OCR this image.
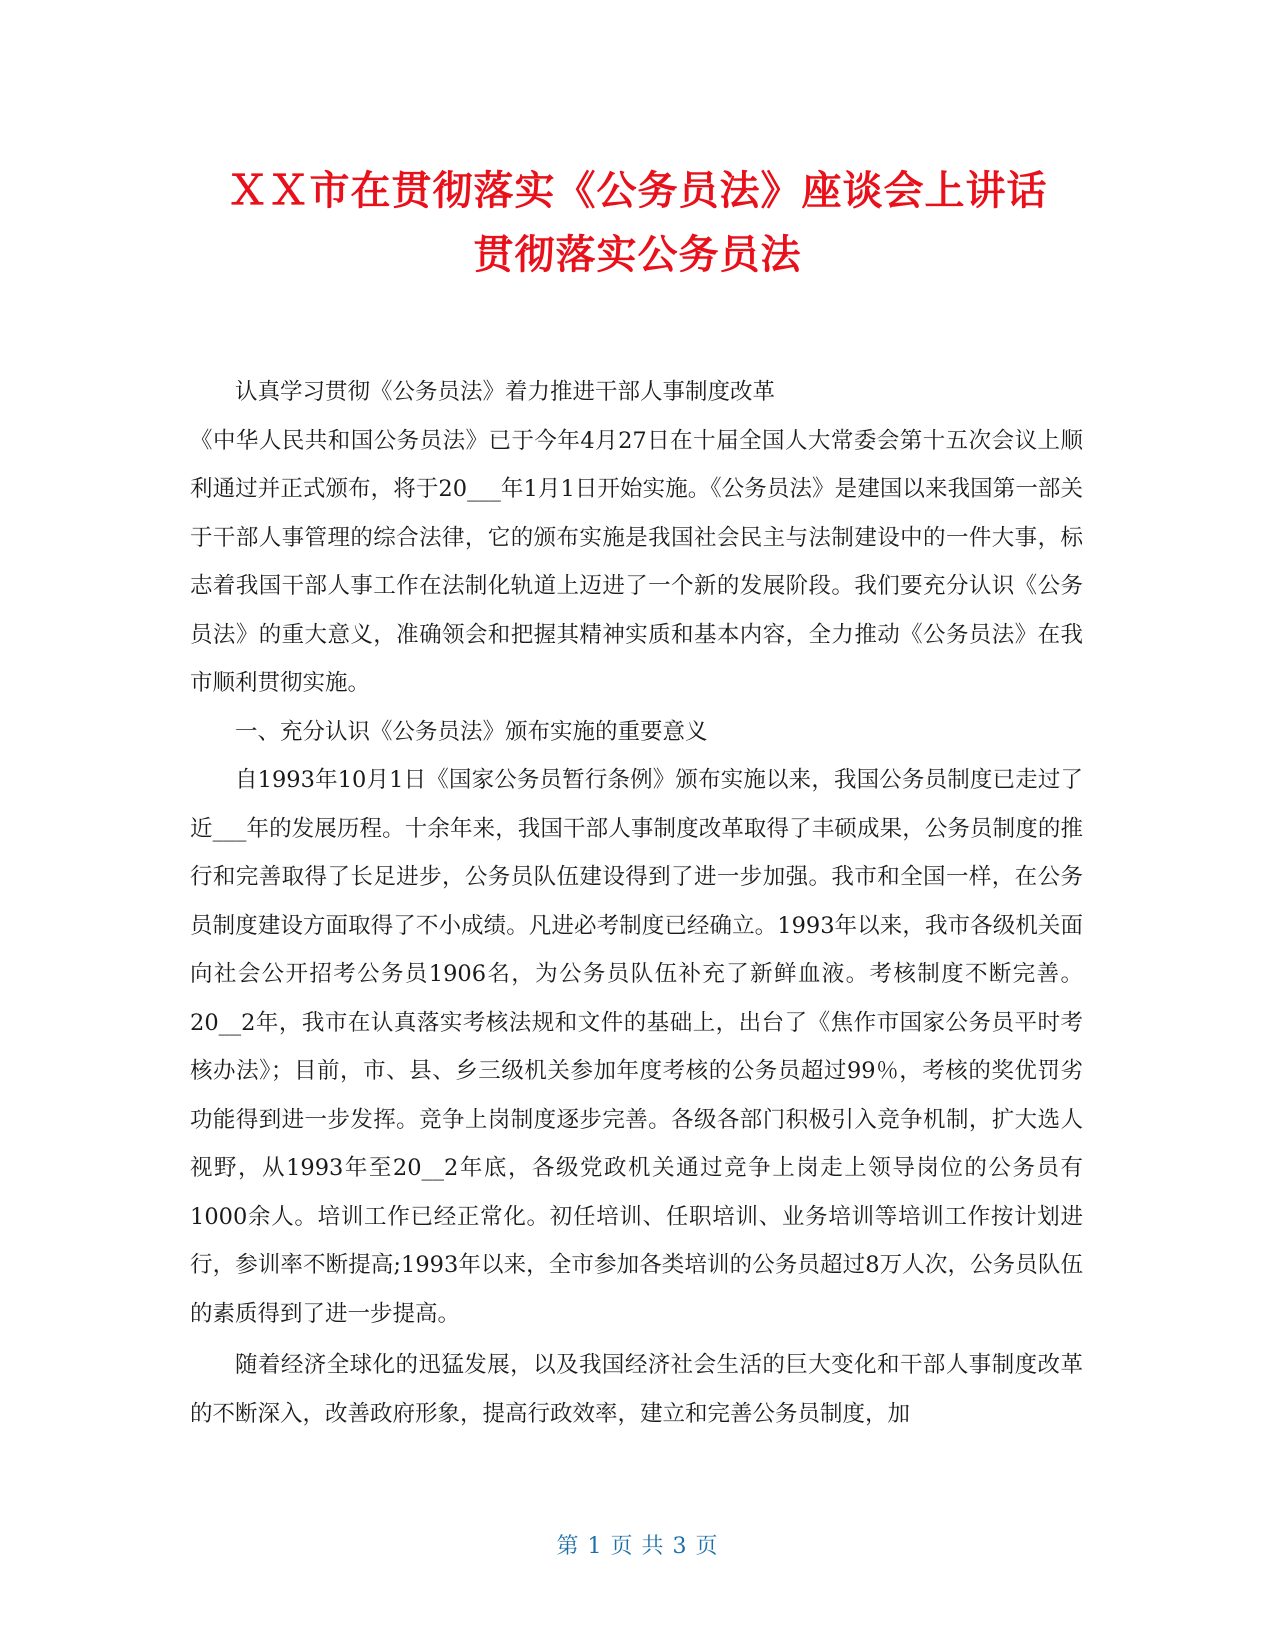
ＸＸ市在贯彻落实《公务员法》座谈会上讲话
贯彻落实公务员法

认真学习贯彻《公务员法》着力推进干部人事制度改革

《中华人民共和国公务员法》已于今年4月27日在十届全国人大常委会第十五次会议上顺利通过并正式颁布，将于20___年1月1日开始实施。《公务员法》是建国以来我国第一部关于干部人事管理的综合法律，它的颁布实施是我国社会民主与法制建设中的一件大事，标志着我国干部人事工作在法制化轨道上迈进了一个新的发展阶段。我们要充分认识《公务员法》的重大意义，准确领会和把握其精神实质和基本内容，全力推动《公务员法》在我市顺利贯彻实施。

一、充分认识《公务员法》颁布实施的重要意义

自1993年10月1日《国家公务员暂行条例》颁布实施以来，我国公务员制度已走过了近___年的发展历程。十余年来，我国干部人事制度改革取得了丰硕成果，公务员制度的推行和完善取得了长足进步，公务员队伍建设得到了进一步加强。我市和全国一样，在公务员制度建设方面取得了不小成绩。凡进必考制度已经确立。1993年以来，我市各级机关面向社会公开招考公务员1906名，为公务员队伍补充了新鲜血液。考核制度不断完善。20__2年，我市在认真落实考核法规和文件的基础上，出台了《焦作市国家公务员平时考核办法》；目前，市、县、乡三级机关参加年度考核的公务员超过99％，考核的奖优罚劣功能得到进一步发挥。竞争上岗制度逐步完善。各级各部门积极引入竞争机制，扩大选人视野，从1993年至20__2年底，各级党政机关通过竞争上岗走上领导岗位的公务员有1000余人。培训工作已经正常化。初任培训、任职培训、业务培训等培训工作按计划进行，参训率不断提高;1993年以来，全市参加各类培训的公务员超过8万人次，公务员队伍的素质得到了进一步提高。

随着经济全球化的迅猛发展，以及我国经济社会生活的巨大变化和干部人事制度改革的不断深入，改善政府形象，提高行政效率，建立和完善公务员制度，加

第 1 页 共 3 页
